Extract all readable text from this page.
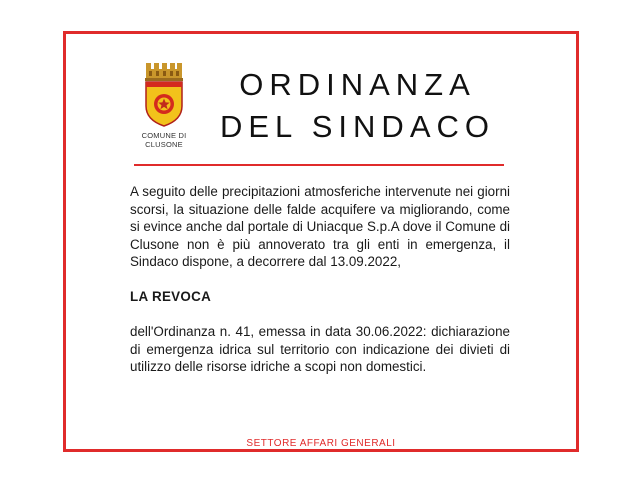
COMUNE DI
CLUSONE
ORDINANZA
DEL SINDACO

A seguito delle precipitazioni atmosferiche intervenute nei giorni scorsi, la situazione delle falde acquifere va migliorando, come si evince anche dal portale di Uniacque S.p.A dove il Comune di Clusone non è più annoverato tra gli enti in emergenza, il Sindaco dispone, a decorrere dal 13.09.2022,

LA REVOCA

dell'Ordinanza n. 41, emessa in data 30.06.2022: dichiarazione di emergenza idrica sul territorio con indicazione dei divieti di utilizzo delle risorse idriche a scopi non domestici.

SETTORE AFFARI GENERALI
